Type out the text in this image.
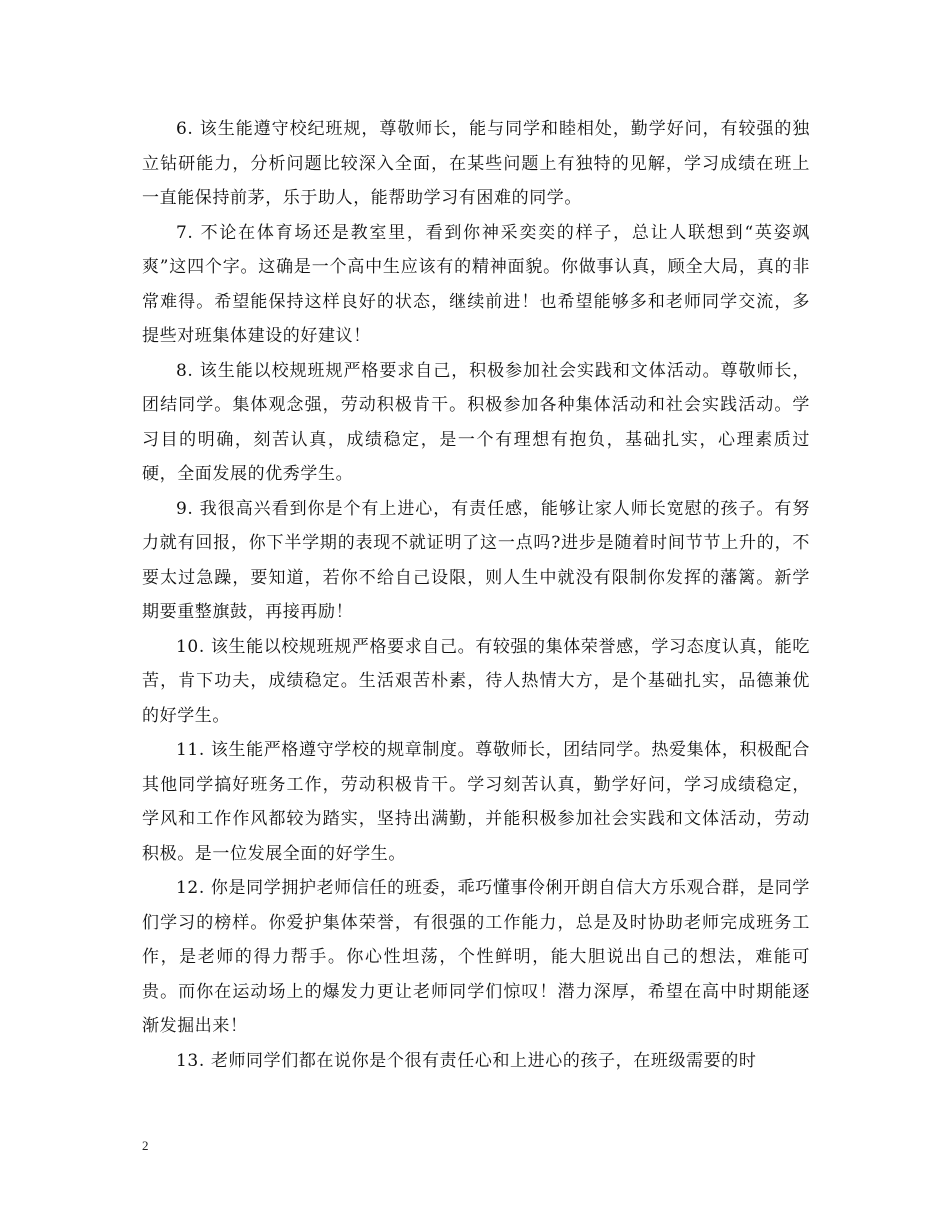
6. 该生能遵守校纪班规，尊敬师长，能与同学和睦相处，勤学好问，有较强的独立钻研能力，分析问题比较深入全面，在某些问题上有独特的见解，学习成绩在班上一直能保持前茅，乐于助人，能帮助学习有困难的同学。

7. 不论在体育场还是教室里，看到你神采奕奕的样子，总让人联想到“英姿飒爽”这四个字。这确是一个高中生应该有的精神面貌。你做事认真，顾全大局，真的非常难得。希望能保持这样良好的状态，继续前进！也希望能够多和老师同学交流，多提些对班集体建设的好建议！

8. 该生能以校规班规严格要求自己，积极参加社会实践和文体活动。尊敬师长，团结同学。集体观念强，劳动积极肯干。积极参加各种集体活动和社会实践活动。学习目的明确，刻苦认真，成绩稳定，是一个有理想有抱负，基础扎实，心理素质过硬，全面发展的优秀学生。

9. 我很高兴看到你是个有上进心，有责任感，能够让家人师长宽慰的孩子。有努力就有回报，你下半学期的表现不就证明了这一点吗?进步是随着时间节节上升的，不要太过急躁，要知道，若你不给自己设限，则人生中就没有限制你发挥的藩篱。新学期要重整旗鼓，再接再励！

10. 该生能以校规班规严格要求自己。有较强的集体荣誉感，学习态度认真，能吃苦，肯下功夫，成绩稳定。生活艰苦朴素，待人热情大方，是个基础扎实，品德兼优的好学生。

11. 该生能严格遵守学校的规章制度。尊敬师长，团结同学。热爱集体，积极配合其他同学搞好班务工作，劳动积极肯干。学习刻苦认真，勤学好问，学习成绩稳定，学风和工作作风都较为踏实，坚持出满勤，并能积极参加社会实践和文体活动，劳动积极。是一位发展全面的好学生。

12. 你是同学拥护老师信任的班委，乖巧懂事伶俐开朗自信大方乐观合群，是同学们学习的榜样。你爱护集体荣誉，有很强的工作能力，总是及时协助老师完成班务工作，是老师的得力帮手。你心性坦荡，个性鲜明，能大胆说出自己的想法，难能可贵。而你在运动场上的爆发力更让老师同学们惊叹！潜力深厚，希望在高中时期能逐渐发掘出来！

13. 老师同学们都在说你是个很有责任心和上进心的孩子，在班级需要的时

2
